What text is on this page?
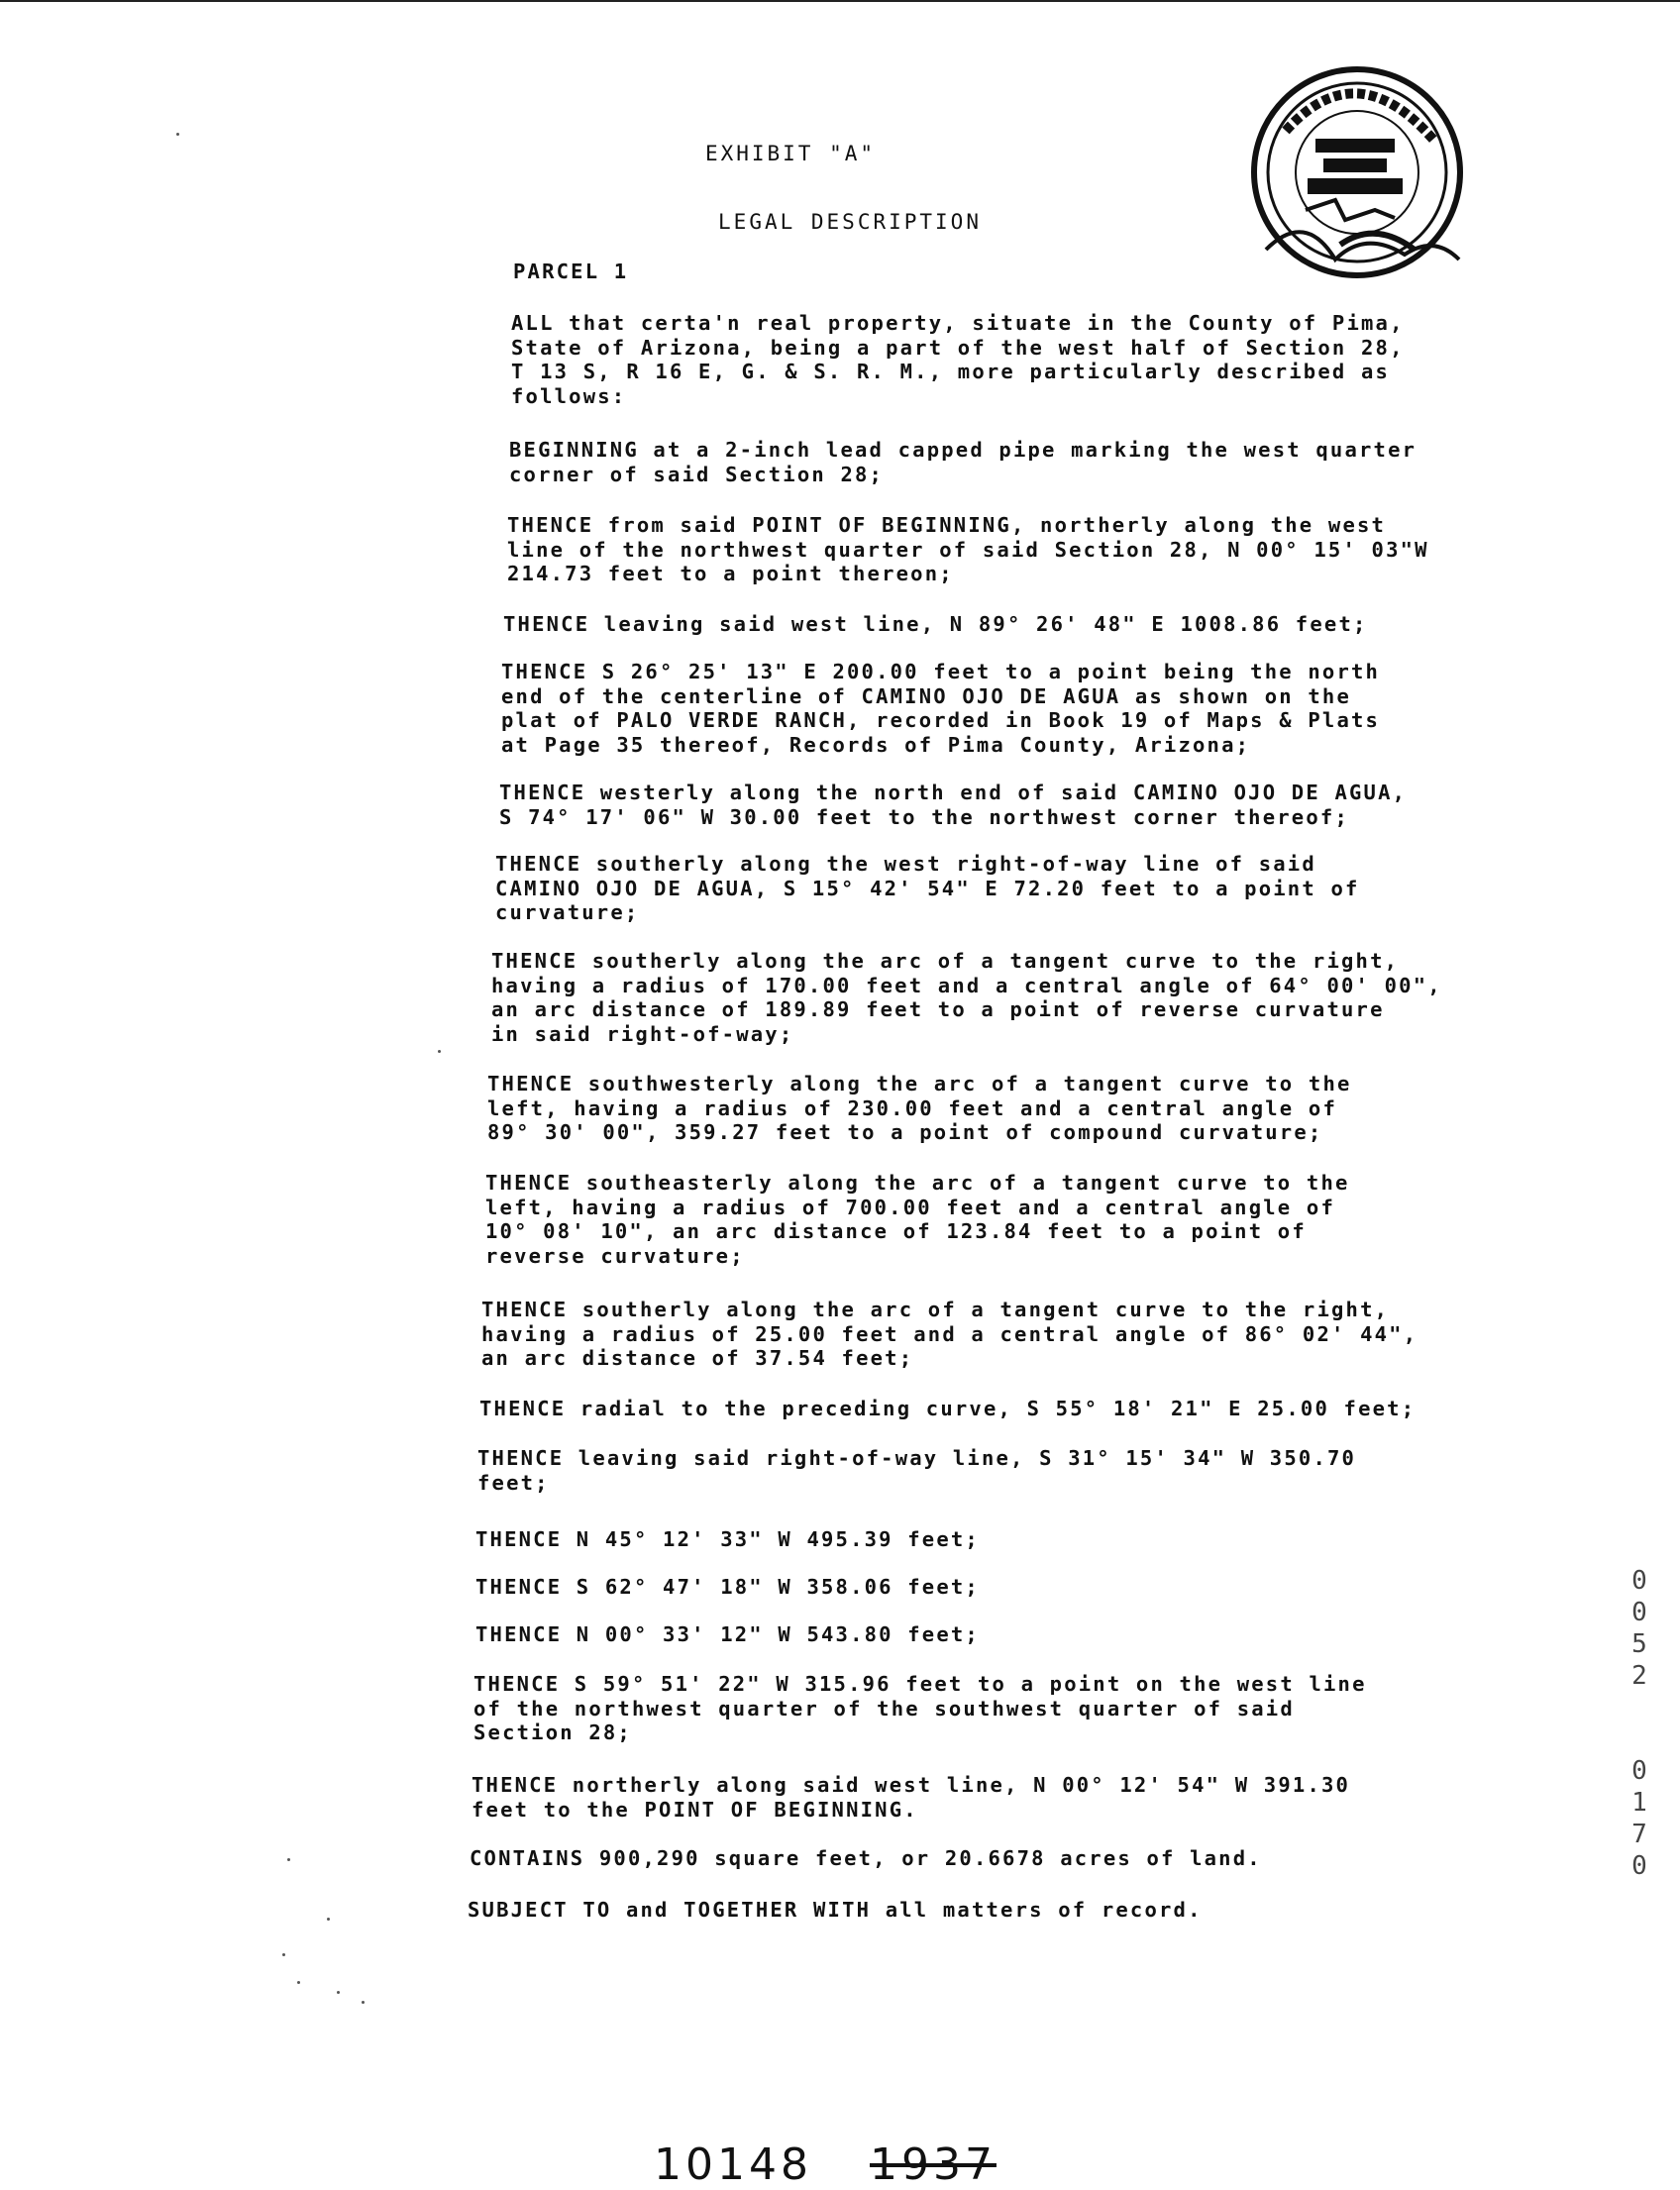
EXHIBIT "A"
LEGAL DESCRIPTION
PARCEL 1
ALL that certa'n real property, situate in the County of Pima,
State of Arizona, being a part of the west half of Section 28,
T 13 S, R 16 E, G. & S. R. M., more particularly described as
follows:
BEGINNING at a 2-inch lead capped pipe marking the west quarter
corner of said Section 28;
THENCE from said POINT OF BEGINNING, northerly along the west
line of the northwest quarter of said Section 28, N 00° 15' 03"W
214.73 feet to a point thereon;
THENCE leaving said west line, N 89° 26' 48" E 1008.86 feet;
THENCE S 26° 25' 13" E 200.00 feet to a point being the north
end of the centerline of CAMINO OJO DE AGUA as shown on the
plat of PALO VERDE RANCH, recorded in Book 19 of Maps & Plats
at Page 35 thereof, Records of Pima County, Arizona;
THENCE westerly along the north end of said CAMINO OJO DE AGUA,
S 74° 17' 06" W 30.00 feet to the northwest corner thereof;
THENCE southerly along the west right-of-way line of said
CAMINO OJO DE AGUA, S 15° 42' 54" E 72.20 feet to a point of
curvature;
THENCE southerly along the arc of a tangent curve to the right,
having a radius of 170.00 feet and a central angle of 64° 00' 00",
an arc distance of 189.89 feet to a point of reverse curvature
in said right-of-way;
THENCE southwesterly along the arc of a tangent curve to the
left, having a radius of 230.00 feet and a central angle of
89° 30' 00", 359.27 feet to a point of compound curvature;
THENCE southeasterly along the arc of a tangent curve to the
left, having a radius of 700.00 feet and a central angle of
10° 08' 10", an arc distance of 123.84 feet to a point of
reverse curvature;
THENCE southerly along the arc of a tangent curve to the right,
having a radius of 25.00 feet and a central angle of 86° 02' 44",
an arc distance of 37.54 feet;
THENCE radial to the preceding curve, S 55° 18' 21" E 25.00 feet;
THENCE leaving said right-of-way line, S 31° 15' 34" W 350.70
feet;
THENCE N 45° 12' 33" W 495.39 feet;
THENCE S 62° 47' 18" W 358.06 feet;
THENCE N 00° 33' 12" W 543.80 feet;
THENCE S 59° 51' 22" W 315.96 feet to a point on the west line
of the northwest quarter of the southwest quarter of said
Section 28;
THENCE northerly along said west line, N 00° 12' 54" W 391.30
feet to the POINT OF BEGINNING.
CONTAINS 900,290 square feet, or 20.6678 acres of land.
SUBJECT TO and TOGETHER WITH all matters of record.
0
0
5
2
0
1
7
0
10148 1937
